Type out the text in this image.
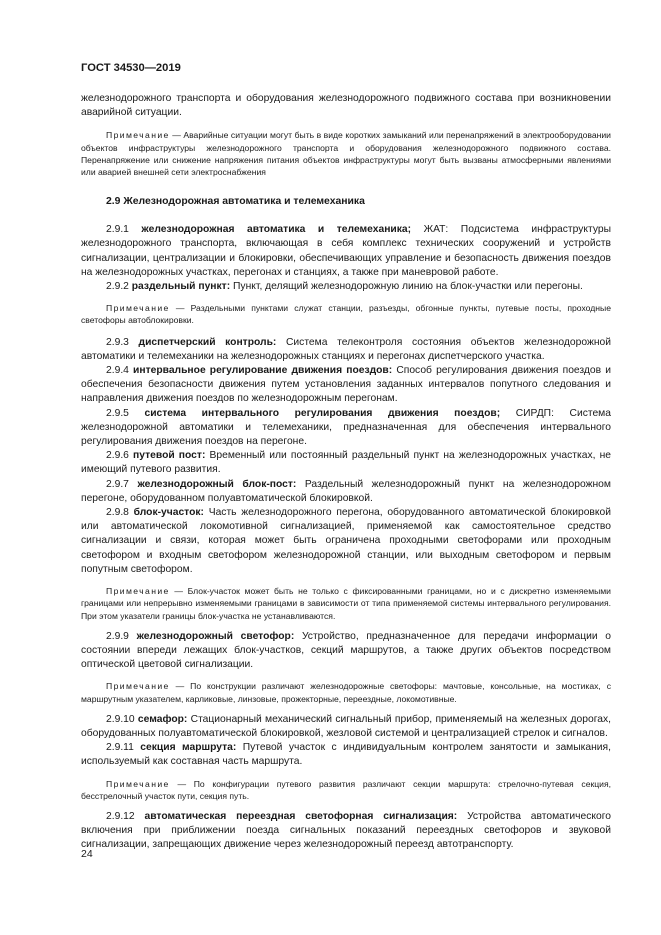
ГОСТ 34530—2019

железнодорожного транспорта и оборудования железнодорожного подвижного состава при возникновении аварийной ситуации.

Примечание — Аварийные ситуации могут быть в виде коротких замыканий или перенапряжений в электрооборудовании объектов инфраструктуры железнодорожного транспорта и оборудования железнодорожного подвижного состава. Перенапряжение или снижение напряжения питания объектов инфраструктуры могут быть вызваны атмосферными явлениями или аварией внешней сети электроснабжения

2.9 Железнодорожная автоматика и телемеханика

2.9.1 железнодорожная автоматика и телемеханика; ЖАТ: Подсистема инфраструктуры железнодорожного транспорта, включающая в себя комплекс технических сооружений и устройств сигнализации, централизации и блокировки, обеспечивающих управление и безопасность движения поездов на железнодорожных участках, перегонах и станциях, а также при маневровой работе.

2.9.2 раздельный пункт: Пункт, делящий железнодорожную линию на блок-участки или перегоны.

Примечание — Раздельными пунктами служат станции, разъезды, обгонные пункты, путевые посты, проходные светофоры автоблокировки.

2.9.3 диспетчерский контроль: Система телеконтроля состояния объектов железнодорожной автоматики и телемеханики на железнодорожных станциях и перегонах диспетчерского участка.

2.9.4 интервальное регулирование движения поездов: Способ регулирования движения поездов и обеспечения безопасности движения путем установления заданных интервалов попутного следования и направления движения поездов по железнодорожным перегонам.

2.9.5 система интервального регулирования движения поездов; СИРДП: Система железнодорожной автоматики и телемеханики, предназначенная для обеспечения интервального регулирования движения поездов на перегоне.

2.9.6 путевой пост: Временный или постоянный раздельный пункт на железнодорожных участках, не имеющий путевого развития.

2.9.7 железнодорожный блок-пост: Раздельный железнодорожный пункт на железнодорожном перегоне, оборудованном полуавтоматической блокировкой.

2.9.8 блок-участок: Часть железнодорожного перегона, оборудованного автоматической блокировкой или автоматической локомотивной сигнализацией, применяемой как самостоятельное средство сигнализации и связи, которая может быть ограничена проходными светофорами или проходным светофором и входным светофором железнодорожной станции, или выходным светофором и первым попутным светофором.

Примечание — Блок-участок может быть не только с фиксированными границами, но и с дискретно изменяемыми границами или непрерывно изменяемыми границами в зависимости от типа применяемой системы интервального регулирования. При этом указатели границы блок-участка не устанавливаются.

2.9.9 железнодорожный светофор: Устройство, предназначенное для передачи информации о состоянии впереди лежащих блок-участков, секций маршрутов, а также других объектов посредством оптической цветовой сигнализации.

Примечание — По конструкции различают железнодорожные светофоры: мачтовые, консольные, на мостиках, с маршрутным указателем, карликовые, линзовые, прожекторные, переездные, локомотивные.

2.9.10 семафор: Стационарный механический сигнальный прибор, применяемый на железных дорогах, оборудованных полуавтоматической блокировкой, жезловой системой и централизацией стрелок и сигналов.

2.9.11 секция маршрута: Путевой участок с индивидуальным контролем занятости и замыкания, используемый как составная часть маршрута.

Примечание — По конфигурации путевого развития различают секции маршрута: стрелочно-путевая секция, бесстрелочный участок пути, секция путь.

2.9.12 автоматическая переездная светофорная сигнализация: Устройства автоматического включения при приближении поезда сигнальных показаний переездных светофоров и звуковой сигнализации, запрещающих движение через железнодорожный переезд автотранспорту.

24
